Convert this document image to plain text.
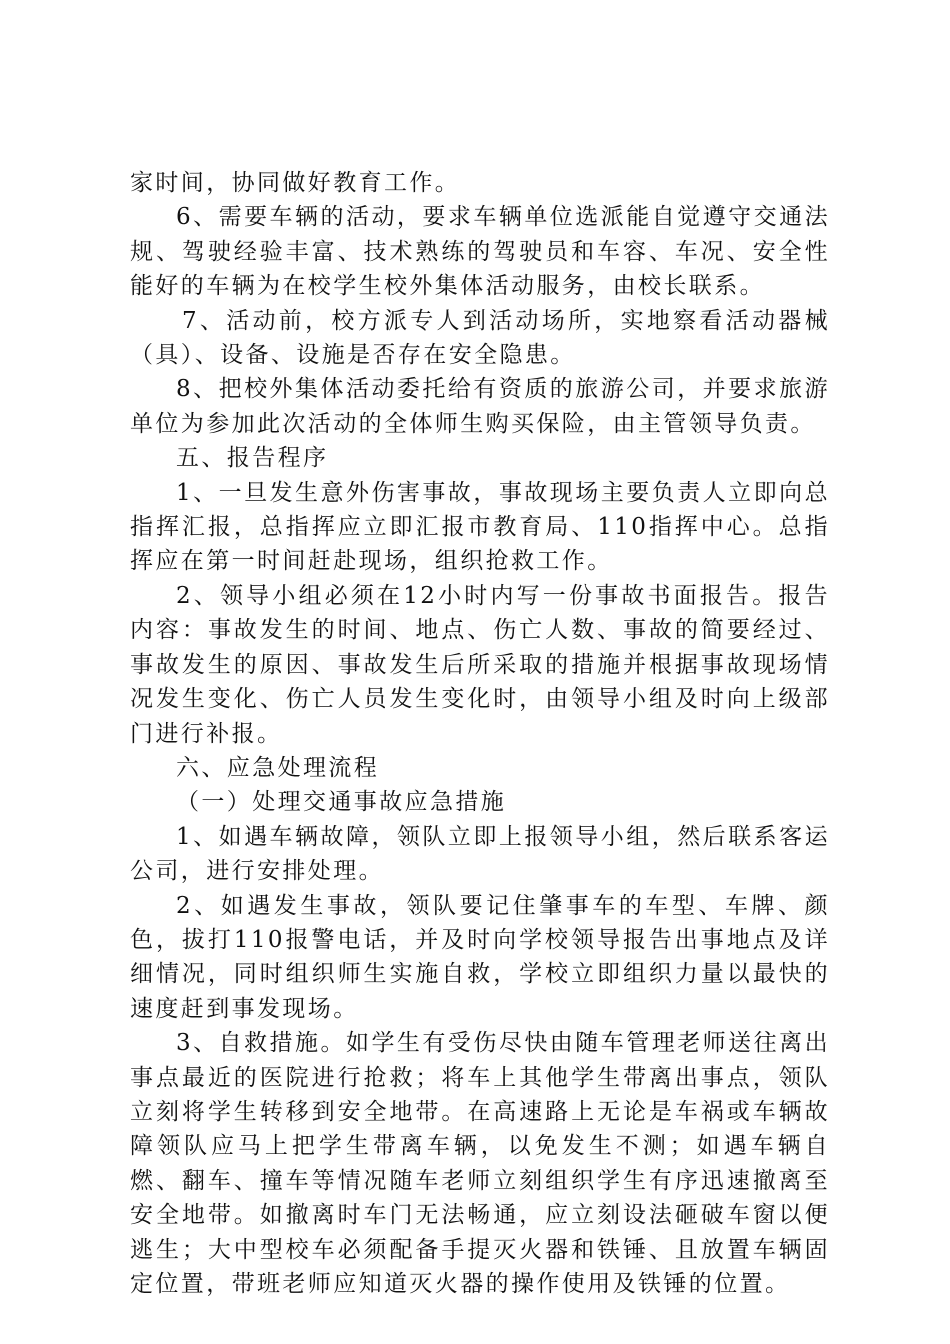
家时间，协同做好教育工作。

6、需要车辆的活动，要求车辆单位选派能自觉遵守交通法规、驾驶经验丰富、技术熟练的驾驶员和车容、车况、安全性能好的车辆为在校学生校外集体活动服务，由校长联系。

7、活动前，校方派专人到活动场所，实地察看活动器械（具）、设备、设施是否存在安全隐患。

8、把校外集体活动委托给有资质的旅游公司，并要求旅游单位为参加此次活动的全体师生购买保险，由主管领导负责。

五、报告程序

1、一旦发生意外伤害事故，事故现场主要负责人立即向总指挥汇报，总指挥应立即汇报市教育局、110指挥中心。总指挥应在第一时间赶赴现场，组织抢救工作。

2、领导小组必须在12小时内写一份事故书面报告。报告内容：事故发生的时间、地点、伤亡人数、事故的简要经过、事故发生的原因、事故发生后所采取的措施并根据事故现场情况发生变化、伤亡人员发生变化时，由领导小组及时向上级部门进行补报。

六、应急处理流程

（一）处理交通事故应急措施

1、如遇车辆故障，领队立即上报领导小组，然后联系客运公司，进行安排处理。

2、如遇发生事故，领队要记住肇事车的车型、车牌、颜色，拔打110报警电话，并及时向学校领导报告出事地点及详细情况，同时组织师生实施自救，学校立即组织力量以最快的速度赶到事发现场。

3、自救措施。如学生有受伤尽快由随车管理老师送往离出事点最近的医院进行抢救；将车上其他学生带离出事点，领队立刻将学生转移到安全地带。在高速路上无论是车祸或车辆故障领队应马上把学生带离车辆，以免发生不测；如遇车辆自燃、翻车、撞车等情况随车老师立刻组织学生有序迅速撤离至安全地带。如撤离时车门无法畅通，应立刻设法砸破车窗以便逃生；大中型校车必须配备手提灭火器和铁锤、且放置车辆固定位置，带班老师应知道灭火器的操作使用及铁锤的位置。
